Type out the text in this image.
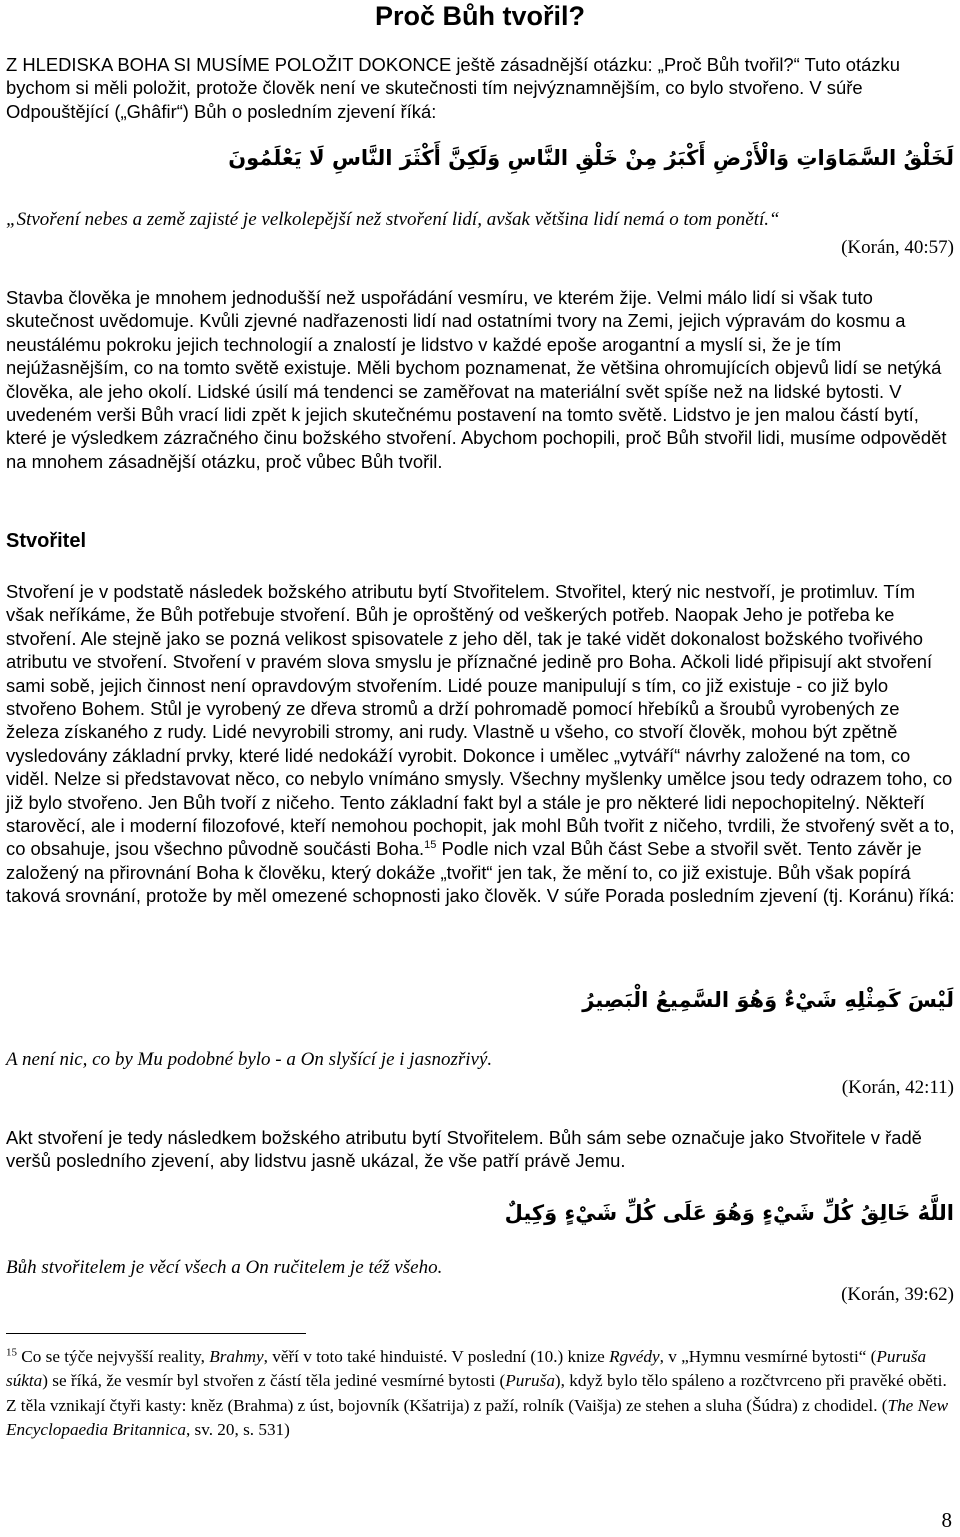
Proč Bůh tvořil?
Z HLEDISKA BOHA SI MUSÍME POLOŽIT DOKONCE ještě zásadnější otázku: „Proč Bůh tvořil?“ Tuto otázku bychom si měli položit, protože člověk není ve skutečnosti tím nejvýznamnějším, co bylo stvořeno. V súře Odpouštějící („Ghâfir“) Bůh o posledním zjevení říká:
لَخَلْقُ السَّمَاوَاتِ وَالْأَرْضِ أَكْبَرُ مِنْ خَلْقِ النَّاسِ وَلَكِنَّ أَكْثَرَ النَّاسِ لَا يَعْلَمُونَ
„Stvoření nebes a země zajisté je velkolepější než stvoření lidí, avšak většina lidí nemá o tom ponětí.“
(Korán, 40:57)
Stavba člověka je mnohem jednodušší než uspořádání vesmíru, ve kterém žije. Velmi málo lidí si však tuto skutečnost uvědomuje. Kvůli zjevné nadřazenosti lidí nad ostatními tvory na Zemi, jejich výpravám do kosmu a neustálému pokroku jejich technologií a znalostí je lidstvo v každé epoše arogantní a myslí si, že je tím nejúžasnějším, co na tomto světě existuje. Měli bychom poznamenat, že většina ohromujících objevů lidí se netýká člověka, ale jeho okolí. Lidské úsilí má tendenci se zaměřovat na materiální svět spíše než na lidské bytosti. V uvedeném verši Bůh vrací lidi zpět k jejich skutečnému postavení na tomto světě. Lidstvo je jen malou částí bytí, které je výsledkem zázračného činu božského stvoření. Abychom pochopili, proč Bůh stvořil lidi, musíme odpovědět na mnohem zásadnější otázku, proč vůbec Bůh tvořil.
Stvořitel
Stvoření je v podstatě následek božského atributu bytí Stvořitelem. Stvořitel, který nic nestvoří, je protimluv. Tím však neříkáme, že Bůh potřebuje stvoření. Bůh je oproštěný od veškerých potřeb. Naopak Jeho je potřeba ke stvoření. Ale stejně jako se pozná velikost spisovatele z jeho děl, tak je také vidět dokonalost božského tvořivého atributu ve stvoření. Stvoření v pravém slova smyslu je příznačné jedině pro Boha. Ačkoli lidé připisují akt stvoření sami sobě, jejich činnost není opravdovým stvořením. Lidé pouze manipulují s tím, co již existuje - co již bylo stvořeno Bohem. Stůl je vyrobený ze dřeva stromů a drží pohromadě pomocí hřebíků a šroubů vyrobených ze železa získaného z rudy. Lidé nevyrobili stromy, ani rudy. Vlastně u všeho, co stvoří člověk, mohou být zpětně vysledovány základní prvky, které lidé nedokáží vyrobit. Dokonce i umělec „vytváří“ návrhy založené na tom, co viděl. Nelze si představovat něco, co nebylo vnímáno smysly. Všechny myšlenky umělce jsou tedy odrazem toho, co již bylo stvořeno. Jen Bůh tvoří z ničeho. Tento základní fakt byl a stále je pro některé lidi nepochopitelný. Někteří starověcí, ale i moderní filozofové, kteří nemohou pochopit, jak mohl Bůh tvořit z ničeho, tvrdili, že stvořený svět a to, co obsahuje, jsou všechno původně součásti Boha.$^{15}$ Podle nich vzal Bůh část Sebe a stvořil svět. Tento závěr je založený na přirovnání Boha k člověku, který dokáže „tvořit“ jen tak, že mění to, co již existuje. Bůh však popírá taková srovnání, protože by měl omezené schopnosti jako člověk. V súře Porada posledním zjevení (tj. Koránu) říká:
لَيْسَ كَمِثْلِهِ شَيْءٌ وَهُوَ السَّمِيعُ الْبَصِيرُ
A není nic, co by Mu podobné bylo - a On slyšící je i jasnozřivý.
(Korán, 42:11)
Akt stvoření je tedy následkem božského atributu bytí Stvořitelem. Bůh sám sebe označuje jako Stvořitele v řadě veršů posledního zjevení, aby lidstvu jasně ukázal, že vše patří právě Jemu.
اللَّهُ خَالِقُ كُلِّ شَيْءٍ وَهُوَ عَلَى كُلِّ شَيْءٍ وَكِيلٌ
Bůh stvořitelem je věcí všech a On ručitelem je též všeho.
(Korán, 39:62)
$^{15}$ Co se týče nejvyšší reality, Brahmy, věří v toto také hinduisté. V poslední (10.) knize Rgvédy, v „Hymnu vesmírné bytosti“ (Puruša súkta) se říká, že vesmír byl stvořen z částí těla jediné vesmírné bytosti (Puruša), když bylo tělo spáleno a rozčtvrceno při pravěké oběti. Z těla vznikají čtyři kasty: kněz (Brahma) z úst, bojovník (Kšatrija) z paží, rolník (Vaišja) ze stehen a sluha (Šúdra) z chodidel. (The New Encyclopaedia Britannica, sv. 20, s. 531)
8
